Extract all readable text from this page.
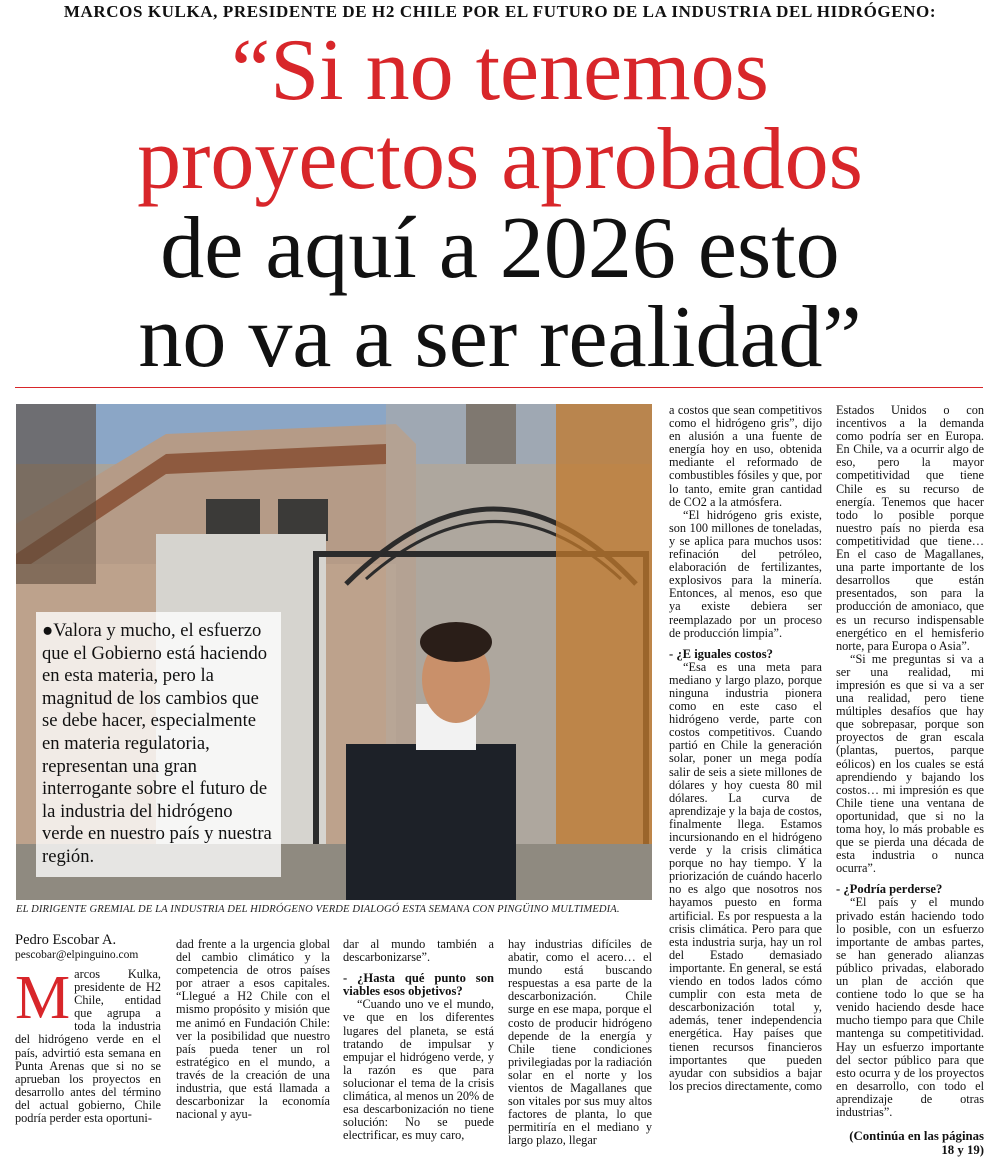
MARCOS KULKA, PRESIDENTE DE H2 CHILE POR EL FUTURO DE LA INDUSTRIA DEL HIDRÓGENO:
“Si no tenemos
proyectos aprobados
de aquí a 2026 esto
no va a ser realidad”
●Valora y mucho, el esfuerzo que el Gobierno está haciendo en esta materia, pero la magnitud de los cambios que se debe hacer, especialmente en materia regulatoria, representan una gran interrogante sobre el futuro de la industria del hidrógeno verde en nuestro país y nuestra región.
EL DIRIGENTE GREMIAL DE LA INDUSTRIA DEL HIDRÓGENO VERDE DIALOGÓ ESTA SEMANA CON PINGÜINO MULTIMEDIA.
Pedro Escobar A.
pescobar@elpinguino.com

Marcos Kulka, presidente de H2 Chile, entidad que agrupa a toda la industria del hidrógeno verde en el país, advirtió esta semana en Punta Arenas que si no se aprueban los proyectos en desarrollo antes del término del actual gobierno, Chile podría perder esta oportuni-

dad frente a la urgencia global del cambio climático y la competencia de otros países por atraer a esos capitales. “Llegué a H2 Chile con el mismo propósito y misión que me animó en Fundación Chile: ver la posibilidad que nuestro país pueda tener un rol estratégico en el mundo, a través de la creación de una industria, que está llamada a descarbonizar la economía nacional y ayu-

dar al mundo también a descarbonizarse”.

- ¿Hasta qué punto son viables esos objetivos?

“Cuando uno ve el mundo, ve que en los diferentes lugares del planeta, se está tratando de impulsar y empujar el hidrógeno verde, y la razón es que para solucionar el tema de la crisis climática, al menos un 20% de esa descarbonización no tiene solución: No se puede electrificar, es muy caro,

hay industrias difíciles de abatir, como el acero… el mundo está buscando respuestas a esa parte de la descarbonización. Chile surge en ese mapa, porque el costo de producir hidrógeno depende de la energía y Chile tiene condiciones privilegiadas por la radiación solar en el norte y los vientos de Magallanes que son vitales por sus muy altos factores de planta, lo que permitiría en el mediano y largo plazo, llegar

a costos que sean competitivos como el hidrógeno gris”, dijo en alusión a una fuente de energía hoy en uso, obtenida mediante el reformado de combustibles fósiles y que, por lo tanto, emite gran cantidad de CO2 a la atmósfera.

“El hidrógeno gris existe, son 100 millones de toneladas, y se aplica para muchos usos: refinación del petróleo, elaboración de fertilizantes, explosivos para la minería. Entonces, al menos, eso que ya existe debiera ser reemplazado por un proceso de producción limpia”.

- ¿E iguales costos?

“Esa es una meta para mediano y largo plazo, porque ninguna industria pionera como en este caso el hidrógeno verde, parte con costos competitivos. Cuando partió en Chile la generación solar, poner un mega podía salir de seis a siete millones de dólares y hoy cuesta 80 mil dólares. La curva de aprendizaje y la baja de costos, finalmente llega. Estamos incursionando en el hidrógeno verde y la crisis climática porque no hay tiempo. Y la priorización de cuándo hacerlo no es algo que nosotros nos hayamos puesto en forma artificial. Es por respuesta a la crisis climática. Pero para que esta industria surja, hay un rol del Estado demasiado importante. En general, se está viendo en todos lados cómo cumplir con esta meta de descarbonización total y, además, tener independencia energética. Hay países que tienen recursos financieros importantes que pueden ayudar con subsidios a bajar los precios directamente, como

Estados Unidos o con incentivos a la demanda como podría ser en Europa. En Chile, va a ocurrir algo de eso, pero la mayor competitividad que tiene Chile es su recurso de energía. Tenemos que hacer todo lo posible porque nuestro país no pierda esa competitividad que tiene… En el caso de Magallanes, una parte importante de los desarrollos que están presentados, son para la producción de amoniaco, que es un recurso indispensable energético en el hemisferio norte, para Europa o Asia”.

“Si me preguntas si va a ser una realidad, mi impresión es que si va a ser una realidad, pero tiene múltiples desafíos que hay que sobrepasar, porque son proyectos de gran escala (plantas, puertos, parque eólicos) en los cuales se está aprendiendo y bajando los costos… mi impresión es que Chile tiene una ventana de oportunidad, que si no la toma hoy, lo más probable es que se pierda una década de esta industria o nunca ocurra”.

- ¿Podría perderse?

“El país y el mundo privado están haciendo todo lo posible, con un esfuerzo importante de ambas partes, se han generado alianzas público privadas, elaborado un plan de acción que contiene todo lo que se ha venido haciendo desde hace mucho tiempo para que Chile mantenga su competitividad. Hay un esfuerzo importante del sector público para que esto ocurra y de los proyectos en desarrollo, con todo el aprendizaje de otras industrias”.

(Continúa en las páginas 18 y 19)
